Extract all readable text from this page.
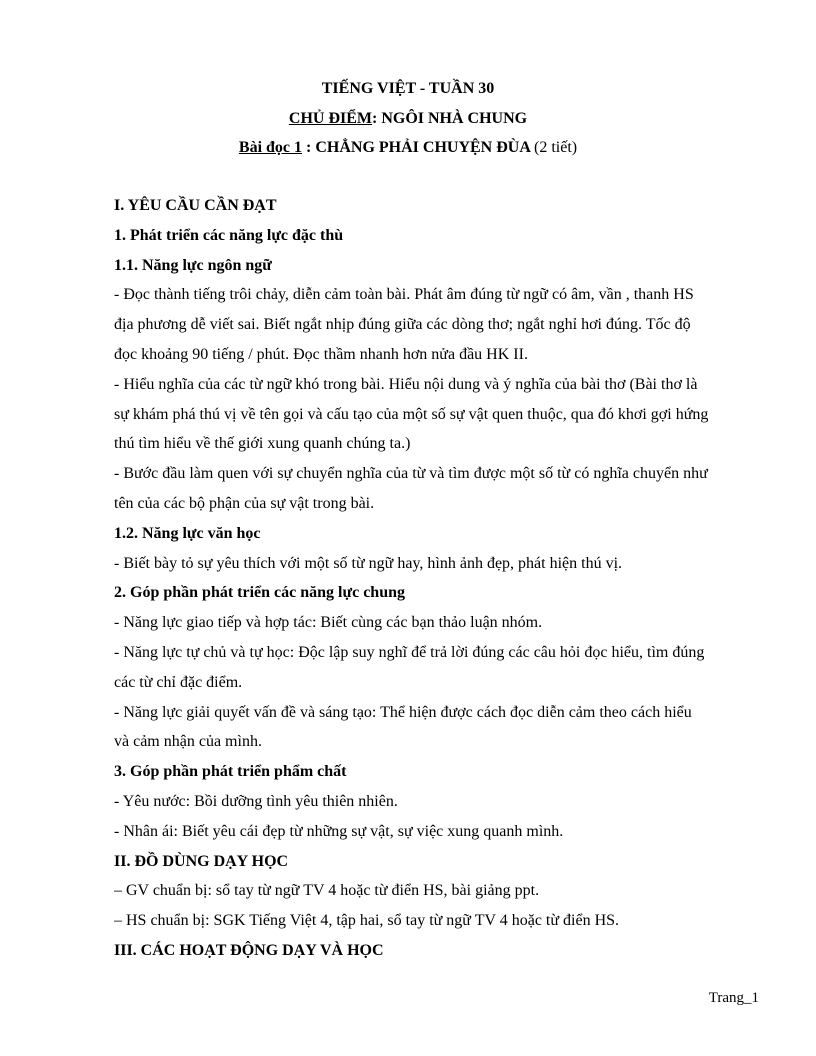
TIẾNG VIỆT - TUẦN 30
CHỦ ĐIỂM: NGÔI NHÀ CHUNG
Bài đọc 1 : CHẲNG PHẢI CHUYỆN ĐÙA (2 tiết)
I. YÊU CẦU CẦN ĐẠT
1. Phát triển các năng lực đặc thù
1.1. Năng lực ngôn ngữ
- Đọc thành tiếng trôi chảy, diễn cảm toàn bài. Phát âm đúng từ ngữ có âm, vần , thanh HS
địa phương dễ viết sai. Biết ngắt nhịp đúng giữa các dòng thơ; ngắt nghỉ hơi đúng. Tốc độ
đọc khoảng 90 tiếng / phút. Đọc thầm nhanh hơn nửa đầu HK II.
- Hiểu nghĩa của các từ ngữ khó trong bài. Hiểu nội dung và ý nghĩa của bài thơ (Bài thơ là
sự khám phá thú vị về tên gọi và cấu tạo của một số sự vật quen thuộc, qua đó khơi gợi hứng
thú tìm hiểu về thế giới xung quanh chúng ta.)
- Bước đầu làm quen với sự chuyển nghĩa của từ và tìm được một số từ có nghĩa chuyển như
tên của các bộ phận của sự vật trong bài.
1.2. Năng lực văn học
- Biết bày tỏ sự yêu thích với một số từ ngữ hay, hình ảnh đẹp, phát hiện thú vị.
2. Góp phần phát triển các năng lực chung
- Năng lực giao tiếp và hợp tác: Biết cùng các bạn thảo luận nhóm.
- Năng lực tự chủ và tự học: Độc lập suy nghĩ để trả lời đúng các câu hỏi đọc hiểu, tìm đúng
các từ chỉ đặc điểm.
- Năng lực giải quyết vấn đề và sáng tạo: Thể hiện được cách đọc diễn cảm theo cách hiểu
và cảm nhận của mình.
3. Góp phần phát triển phẩm chất
- Yêu nước: Bồi dưỡng tình yêu thiên nhiên.
- Nhân ái: Biết yêu cái đẹp từ những sự vật, sự việc xung quanh mình.
II. ĐỒ DÙNG DẠY HỌC
– GV chuẩn bị: sổ tay từ ngữ TV 4 hoặc từ điển HS, bài giảng ppt.
– HS chuẩn bị: SGK Tiếng Việt 4, tập hai, sổ tay từ ngữ TV 4 hoặc từ điển HS.
III. CÁC HOẠT ĐỘNG DẠY VÀ HỌC
Trang_1
